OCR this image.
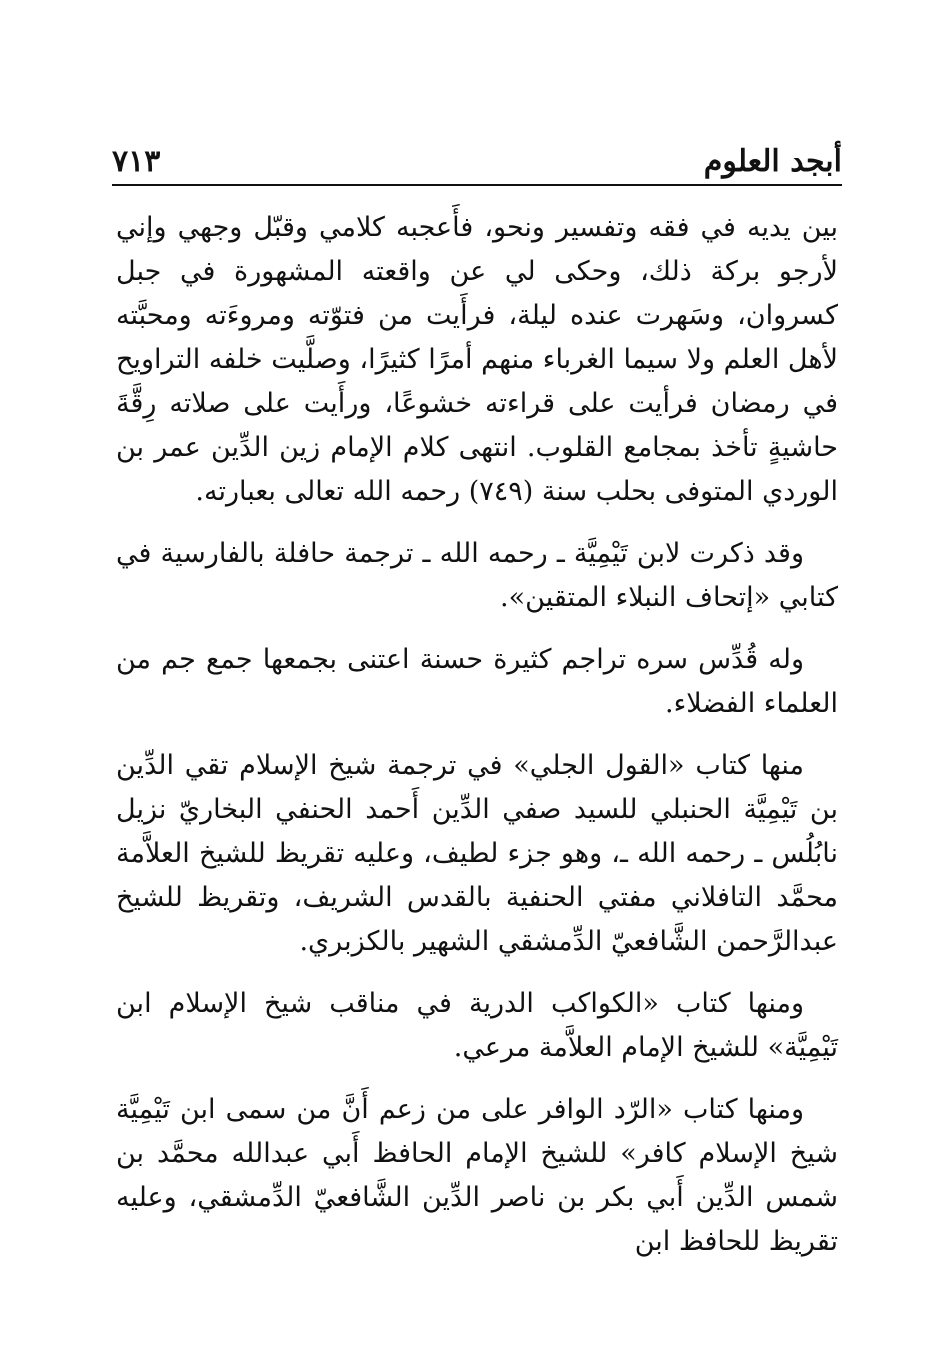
أبجد العلوم
٧١٣

بين يديه في فقه وتفسير ونحو، فأَعجبه كلامي وقبّل وجهي وإني لأرجو بركة ذلك، وحكى لي عن واقعته المشهورة في جبل كسروان، وسَهرت عنده ليلة، فرأَيت من فتوّته ومروءَته ومحبَّته لأهل العلم ولا سيما الغرباء منهم أمرًا كثيرًا، وصلَّيت خلفه التراويح في رمضان فرأيت على قراءته خشوعًا، ورأَيت على صلاته رِقَّةَ حاشيةٍ تأخذ بمجامع القلوب. انتهى كلام الإمام زين الدِّين عمر بن الوردي المتوفى بحلب سنة (٧٤٩) رحمه الله تعالى بعبارته.

وقد ذكرت لابن تَيْمِيَّة ـ رحمه الله ـ ترجمة حافلة بالفارسية في كتابي «إتحاف النبلاء المتقين».

وله قُدِّس سره تراجم كثيرة حسنة اعتنى بجمعها جمع جم من العلماء الفضلاء.

منها كتاب «القول الجلي» في ترجمة شيخ الإسلام تقي الدِّين بن تَيْمِيَّة الحنبلي للسيد صفي الدِّين أَحمد الحنفي البخاريّ نزيل نابُلُس ـ رحمه الله ـ، وهو جزء لطيف، وعليه تقريظ للشيخ العلاَّمة محمَّد التافلاني مفتي الحنفية بالقدس الشريف، وتقريظ للشيخ عبدالرَّحمن الشَّافعيّ الدِّمشقي الشهير بالكزبري.

ومنها كتاب «الكواكب الدرية في مناقب شيخ الإسلام ابن تَيْمِيَّة» للشيخ الإمام العلاَّمة مرعي.

ومنها كتاب «الرّد الوافر على من زعم أَنَّ من سمى ابن تَيْمِيَّة شيخ الإسلام كافر» للشيخ الإمام الحافظ أَبي عبدالله محمَّد بن شمس الدِّين أَبي بكر بن ناصر الدِّين الشَّافعيّ الدِّمشقي، وعليه تقريظ للحافظ ابن
